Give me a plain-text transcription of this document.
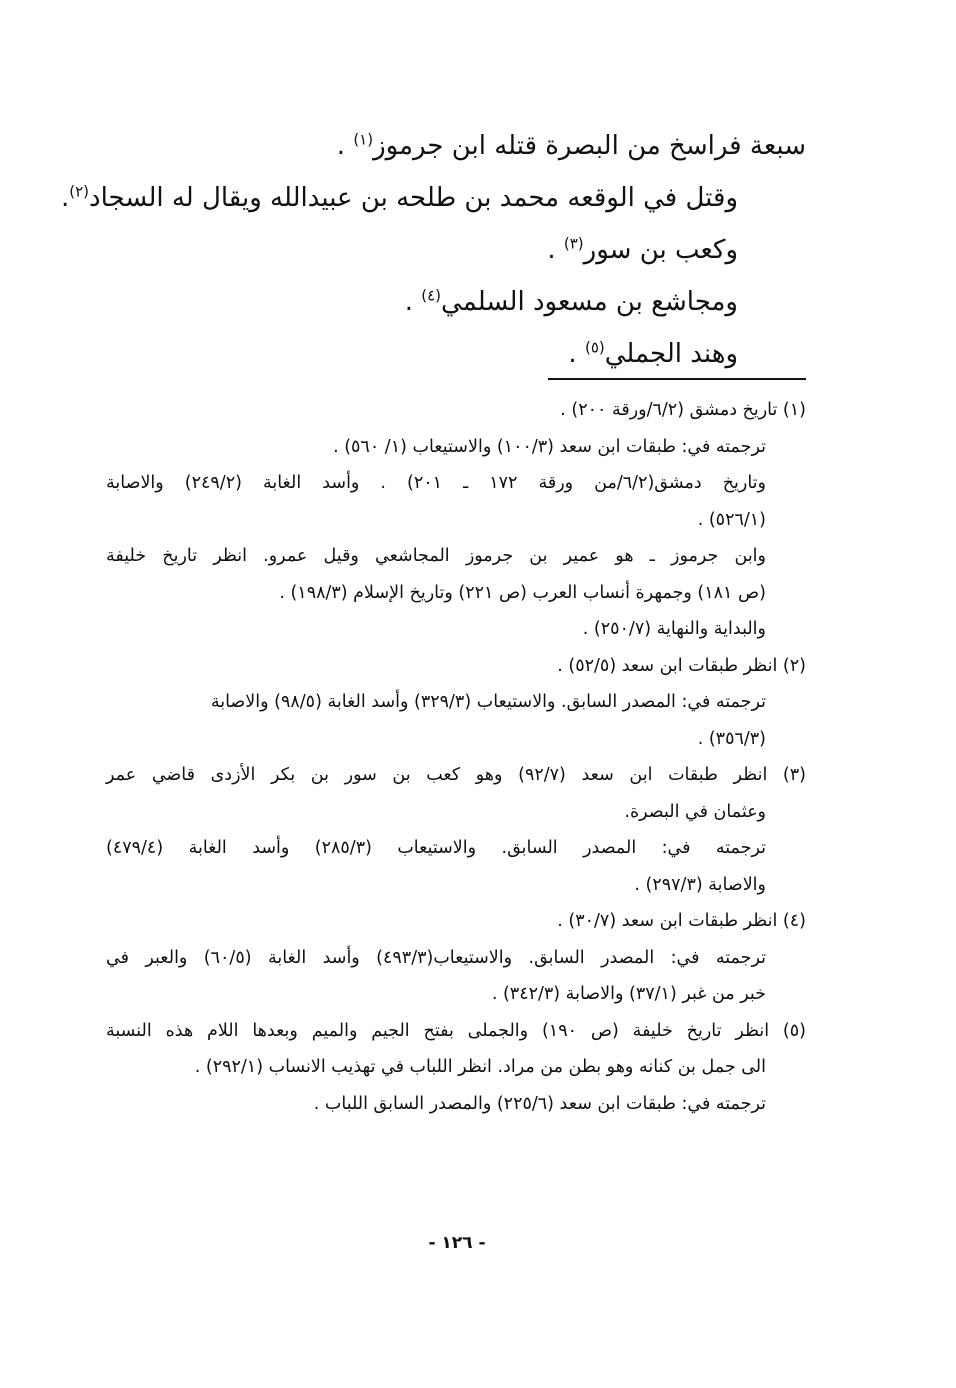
سبعة فراسخ من البصرة قتله ابن جرموز$^{(١)}$ .
وقتل في الوقعه محمد بن طلحه بن عبيدالله ويقال له السجاد$^{(٢)}$.
وكعب بن سور$^{(٣)}$ .
ومجاشع بن مسعود السلمي$^{(٤)}$ .
وهند الجملي$^{(٥)}$ .
(١) تاريخ دمشق (٦/٢/ورقة ٢٠٠) .
ترجمته في: طبقات ابن سعد (١٠٠/٣) والاستيعاب (١/ ٥٦٠) .
وتاريخ دمشق(٦/٢/من ورقة ١٧٢ ـ ٢٠١) . وأسد الغابة (٢٤٩/٢) والاصابة
(٥٢٦/١) .
وابن جرموز ـ هو عمير بن جرموز المجاشعي وقيل عمرو. انظر تاريخ خليفة
(ص ١٨١) وجمهرة أنساب العرب (ص ٢٢١) وتاريخ الإسلام (١٩٨/٣) .
والبداية والنهاية (٢٥٠/٧) .
(٢) انظر طبقات ابن سعد (٥٢/٥) .
ترجمته في: المصدر السابق. والاستيعاب (٣٢٩/٣) وأسد الغابة (٩٨/٥) والاصابة
(٣٥٦/٣) .
(٣) انظر طبقات ابن سعد (٩٢/٧) وهو كعب بن سور بن بكر الأزدى قاضي عمر
وعثمان في البصرة.
ترجمته في: المصدر السابق. والاستيعاب (٢٨٥/٣) وأسد الغابة (٤٧٩/٤)
والاصابة (٢٩٧/٣) .
(٤) انظر طبقات ابن سعد (٣٠/٧) .
ترجمته في: المصدر السابق. والاستيعاب(٤٩٣/٣) وأسد الغابة (٦٠/٥) والعبر في
خبر من غبر (٣٧/١) والاصابة (٣٤٢/٣) .
(٥) انظر تاريخ خليفة (ص ١٩٠) والجملى بفتح الجيم والميم وبعدها اللام هذه النسبة
الى جمل بن كنانه وهو بطن من مراد. انظر اللباب في تهذيب الانساب (٢٩٢/١) .
ترجمته في: طبقات ابن سعد (٢٢٥/٦) والمصدر السابق اللباب .
- ١٢٦ -
